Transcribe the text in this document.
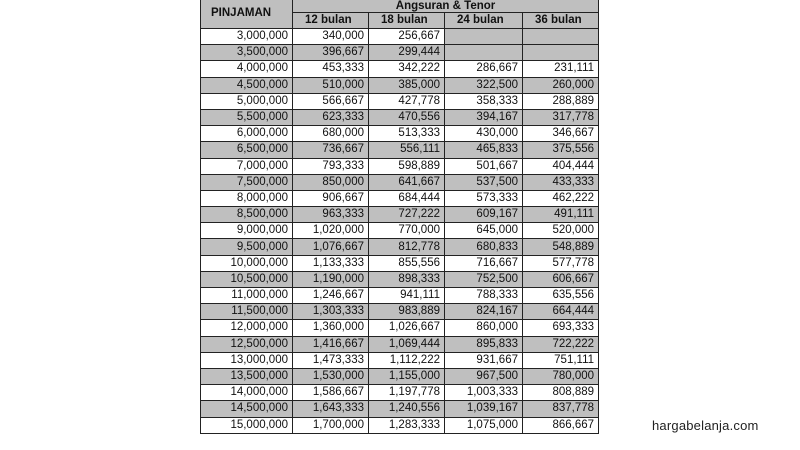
PINJAMAN	Angsuran & Tenor			
	12 bulan	18 bulan	24 bulan	36 bulan
3,000,000	340,000	256,667		
3,500,000	396,667	299,444		
4,000,000	453,333	342,222	286,667	231,111
4,500,000	510,000	385,000	322,500	260,000
5,000,000	566,667	427,778	358,333	288,889
5,500,000	623,333	470,556	394,167	317,778
6,000,000	680,000	513,333	430,000	346,667
6,500,000	736,667	556,111	465,833	375,556
7,000,000	793,333	598,889	501,667	404,444
7,500,000	850,000	641,667	537,500	433,333
8,000,000	906,667	684,444	573,333	462,222
8,500,000	963,333	727,222	609,167	491,111
9,000,000	1,020,000	770,000	645,000	520,000
9,500,000	1,076,667	812,778	680,833	548,889
10,000,000	1,133,333	855,556	716,667	577,778
10,500,000	1,190,000	898,333	752,500	606,667
11,000,000	1,246,667	941,111	788,333	635,556
11,500,000	1,303,333	983,889	824,167	664,444
12,000,000	1,360,000	1,026,667	860,000	693,333
12,500,000	1,416,667	1,069,444	895,833	722,222
13,000,000	1,473,333	1,112,222	931,667	751,111
13,500,000	1,530,000	1,155,000	967,500	780,000
14,000,000	1,586,667	1,197,778	1,003,333	808,889
14,500,000	1,643,333	1,240,556	1,039,167	837,778
15,000,000	1,700,000	1,283,333	1,075,000	866,667	hargabelanja.com
